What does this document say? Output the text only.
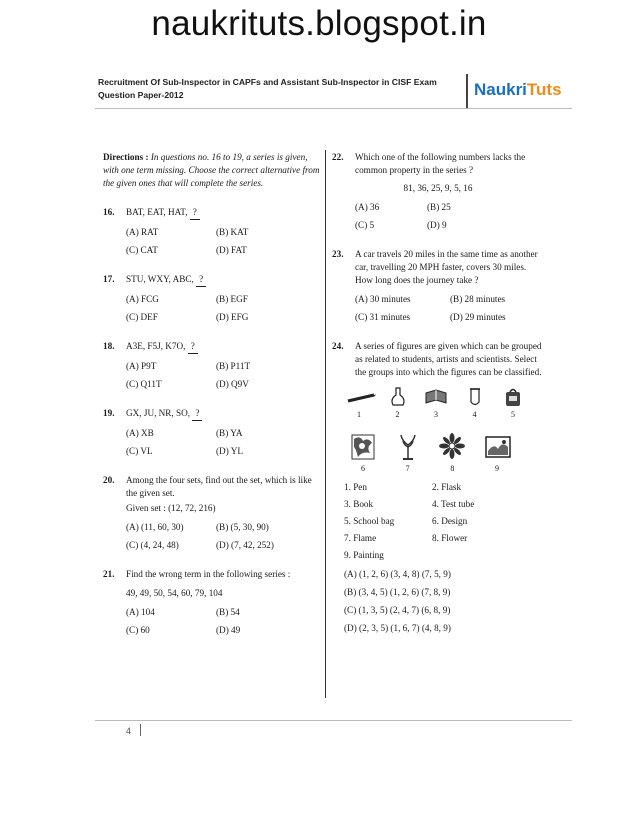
naukrituts.blogspot.in
Recruitment Of Sub-Inspector in CAPFs and Assistant Sub-Inspector in CISF Exam
Question Paper-2012	NaukriTuts
Directions : In questions no. 16 to 19, a series is given, with one term missing. Choose the correct alternative from the given ones that will complete the series.
16.	BAT, EAT, HAT, ?
(A) RAT	(B) KAT
(C) CAT	(D) FAT
17.	STU, WXY, ABC, ?
(A) FCG	(B) EGF
(C) DEF	(D) EFG
18.	A3E, F5J, K7O, ?
(A) P9T	(B) P11T
(C) Q11T	(D) Q9V
19.	GX, JU, NR, SO, ?
(A) XB	(B) YA
(C) VL	(D) YL
20.	Among the four sets, find out the set, which is like the given set.
Given set : (12, 72, 216)
(A) (11, 60, 30)	(B) (5, 30, 90)
(C) (4, 24, 48)	(D) (7, 42, 252)
21.	Find the wrong term in the following series :
49, 49, 50, 54, 60, 79, 104
(A) 104	(B) 54
(C) 60	(D) 49
22.	Which one of the following numbers lacks the common property in the series ?
81, 36, 25, 9, 5, 16
(A) 36	(B) 25
(C) 5	(D) 9
23.	A car travels 20 miles in the same time as another car, travelling 20 MPH faster, covers 30 miles. How long does the journey take ?
(A) 30 minutes	(B) 28 minutes
(C) 31 minutes	(D) 29 minutes
24.	A series of figures are given which can be grouped as related to students, artists and scientists. Select the groups into which the figures can be classified.
1	2	3	4	5
6	7	8	9
1. Pen	2. Flask
3. Book	4. Test tube
5. School bag	6. Design
7. Flame	8. Flower
9. Painting
(A) (1, 2, 6) (3, 4, 8) (7, 5, 9)
(B) (3, 4, 5) (1, 2, 6) (7, 8, 9)
(C) (1, 3, 5) (2, 4, 7) (6, 8, 9)
(D) (2, 3, 5) (1, 6, 7) (4, 8, 9)
4
